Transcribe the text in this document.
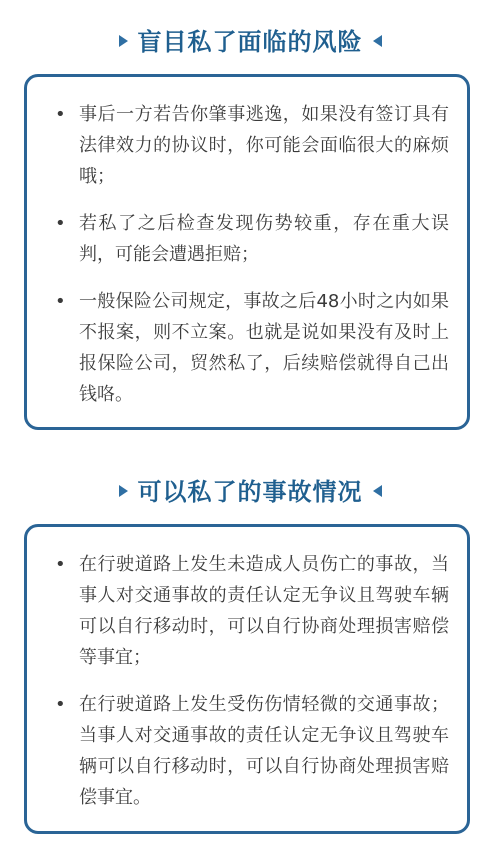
盲目私了面临的风险
• 事后一方若告你肇事逃逸，如果没有签订具有法律效力的协议时，你可能会面临很大的麻烦哦；
• 若私了之后检查发现伤势较重，存在重大误判，可能会遭遇拒赔；
• 一般保险公司规定，事故之后48小时之内如果不报案，则不立案。也就是说如果没有及时上报保险公司，贸然私了，后续赔偿就得自己出钱咯。
可以私了的事故情况
• 在行驶道路上发生未造成人员伤亡的事故，当事人对交通事故的责任认定无争议且驾驶车辆可以自行移动时，可以自行协商处理损害赔偿等事宜；
• 在行驶道路上发生受伤伤情轻微的交通事故；当事人对交通事故的责任认定无争议且驾驶车辆可以自行移动时，可以自行协商处理损害赔偿事宜。
